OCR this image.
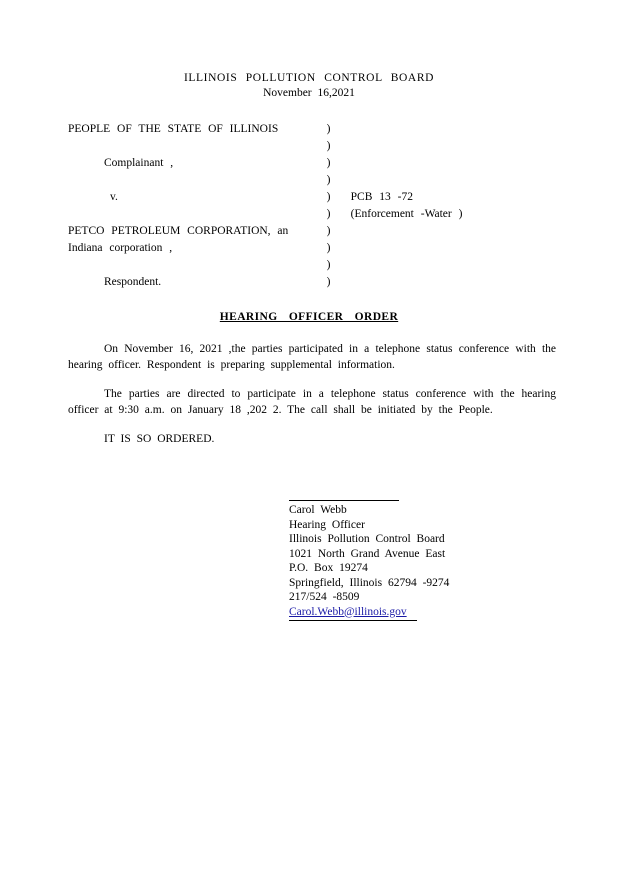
ILLINOIS POLLUTION CONTROL BOARD
November 16,2021
PEOPLE OF THE STATE OF ILLINOIS	)	
	)	
Complainant ,	)	
	)	
v.	)	PCB 13 -72
	)	(Enforcement -Water )
PETCO PETROLEUM CORPORATION, an	)	
Indiana corporation ,	)	
	)	
Respondent.	)	
HEARING OFFICER ORDER

On November 16, 2021 ,the parties participated in a telephone status conference with the hearing officer. Respondent is preparing supplemental information.

The parties are directed to participate in a telephone status conference with the hearing officer at 9:30 a.m. on January 18 ,202 2. The call shall be initiated by the People.

IT IS SO ORDERED.

Carol Webb
Hearing Officer
Illinois Pollution Control Board
1021 North Grand Avenue East
P.O. Box 19274
Springfield, Illinois 62794 -9274
217/524 -8509
Carol.Webb@illinois.gov
